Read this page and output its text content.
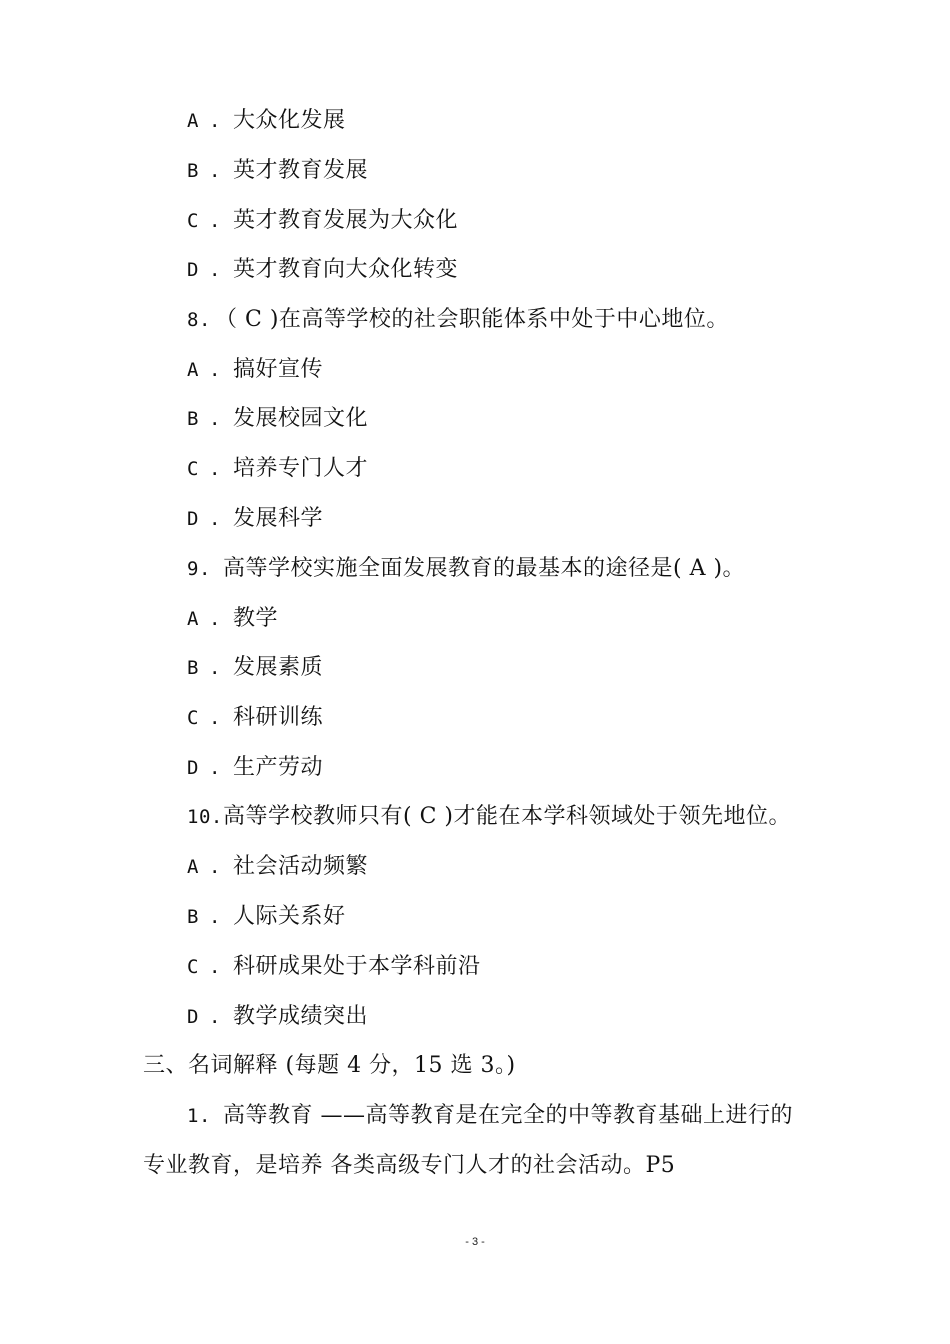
A . 大众化发展
B . 英才教育发展
C . 英才教育发展为大众化
D . 英才教育向大众化转变
8. （ C )在高等学校的社会职能体系中处于中心地位。
A . 搞好宣传
B . 发展校园文化
C . 培养专门人才
D . 发展科学
9. 高等学校实施全面发展教育的最基本的途径是( A )。
A . 教学
B . 发展素质
C . 科研训练
D . 生产劳动
10.高等学校教师只有( C )才能在本学科领域处于领先地位。
A . 社会活动频繁
B . 人际关系好
C . 科研成果处于本学科前沿
D . 教学成绩突出
三、名词解释 (每题 4 分，15 选 3。)
1. 高等教育 ——高等教育是在完全的中等教育基础上进行的
专业教育，是培养 各类高级专门人才的社会活动。P5
- 3 -
